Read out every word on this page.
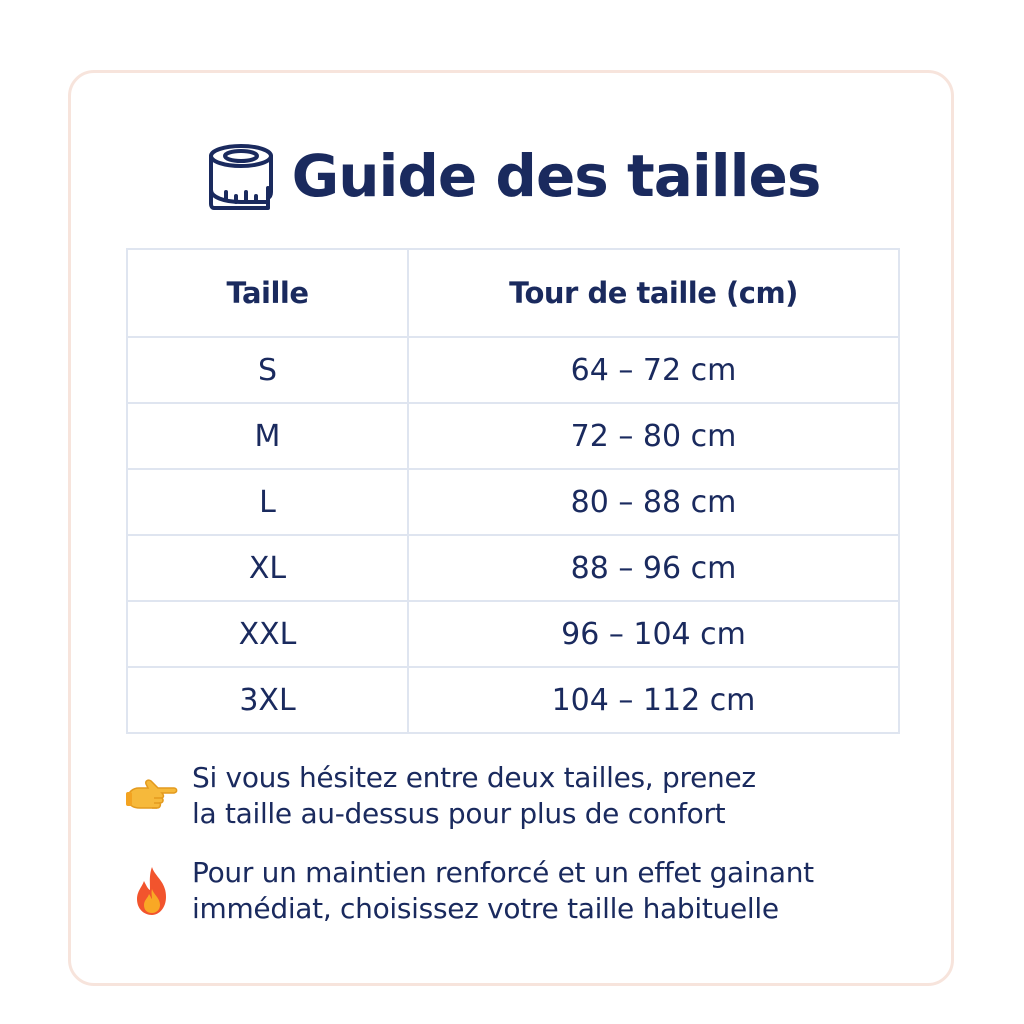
Guide des tailles
Taille	Tour de taille (cm)
S	64 – 72 cm
M	72 – 80 cm
L	80 – 88 cm
XL	88 – 96 cm
XXL	96 – 104 cm
3XL	104 – 112 cm
Si vous hésitez entre deux tailles, prenez
la taille au-dessus pour plus de confort
Pour un maintien renforcé et un effet gainant
immédiat, choisissez votre taille habituelle
